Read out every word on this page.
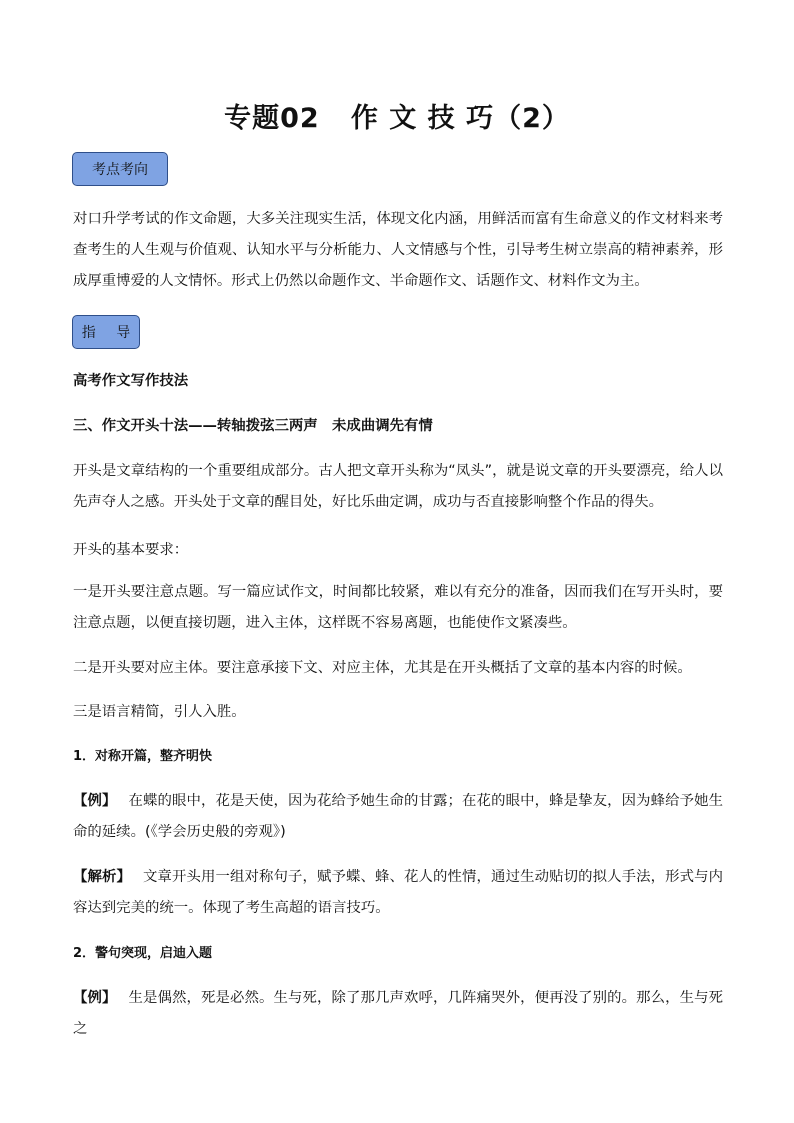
专题02   作 文 技 巧（2）
考点考向
对口升学考试的作文命题，大多关注现实生活，体现文化内涵，用鲜活而富有生命意义的作文材料来考查考生的人生观与价值观、认知水平与分析能力、人文情感与个性，引导考生树立崇高的精神素养，形成厚重博爱的人文情怀。形式上仍然以命题作文、半命题作文、话题作文、材料作文为主。
指 导
高考作文写作技法
三、作文开头十法——转轴拨弦三两声　未成曲调先有情
开头是文章结构的一个重要组成部分。古人把文章开头称为“凤头”，就是说文章的开头要漂亮，给人以先声夺人之感。开头处于文章的醒目处，好比乐曲定调，成功与否直接影响整个作品的得失。
开头的基本要求：
一是开头要注意点题。写一篇应试作文，时间都比较紧，难以有充分的准备，因而我们在写开头时，要注意点题，以便直接切题，进入主体，这样既不容易离题，也能使作文紧凑些。
二是开头要对应主体。要注意承接下文、对应主体，尤其是在开头概括了文章的基本内容的时候。
三是语言精简，引人入胜。
1．对称开篇，整齐明快
【例】 在蝶的眼中，花是天使，因为花给予她生命的甘露；在花的眼中，蜂是挚友，因为蜂给予她生命的延续。(《学会历史般的旁观》)
【解析】 文章开头用一组对称句子，赋予蝶、蜂、花人的性情，通过生动贴切的拟人手法，形式与内容达到完美的统一。体现了考生高超的语言技巧。
2．警句突现，启迪入题
【例】 生是偶然，死是必然。生与死，除了那几声欢呼，几阵痛哭外，便再没了别的。那么，生与死之
